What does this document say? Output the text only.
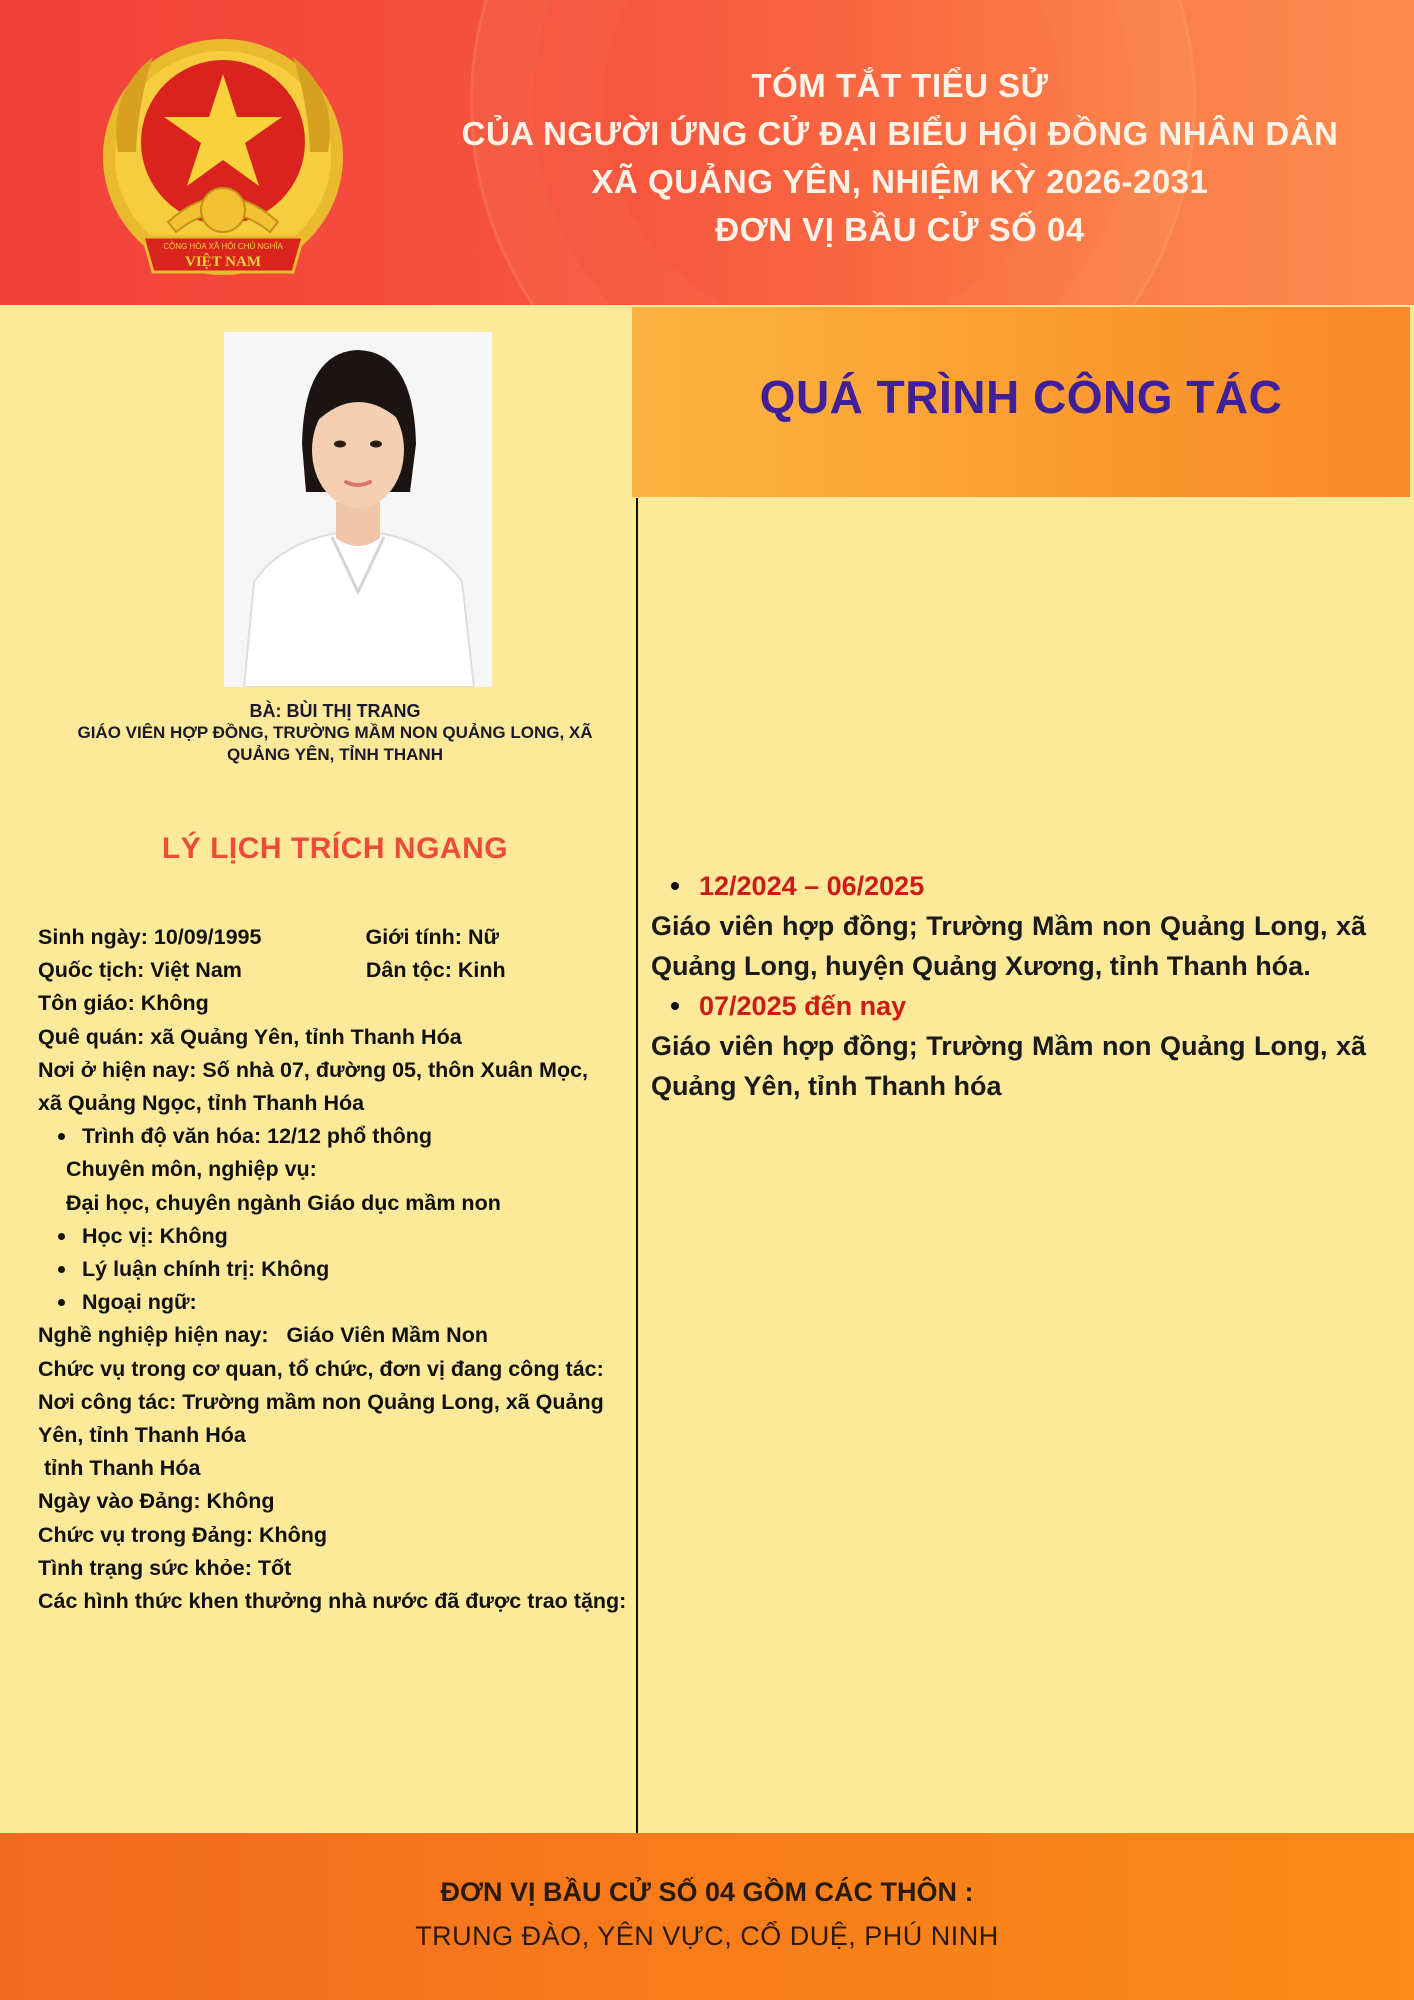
CỘNG HÒA XÃ HỘI CHỦ NGHĨA
VIỆT NAM
TÓM TẮT TIỂU SỬ
CỦA NGƯỜI ỨNG CỬ ĐẠI BIỂU HỘI ĐỒNG NHÂN DÂN
XÃ QUẢNG YÊN, NHIỆM KỲ 2026-2031
ĐƠN VỊ BẦU CỬ SỐ 04
BÀ: BÙI THỊ TRANG
GIÁO VIÊN HỢP ĐỒNG, TRƯỜNG MẦM NON QUẢNG LONG, XÃ
QUẢNG YÊN, TỈNH THANH
LÝ LỊCH TRÍCH NGANG
Sinh ngày: 10/09/1995	Giới tính: Nữ
Quốc tịch: Việt Nam	Dân tộc: Kinh
Tôn giáo: Không
Quê quán: xã Quảng Yên, tỉnh Thanh Hóa
Nơi ở hiện nay: Số nhà 07, đường 05, thôn Xuân Mọc,
xã Quảng Ngọc, tỉnh Thanh Hóa
Trình độ văn hóa: 12/12 phổ thông
Chuyên môn, nghiệp vụ:
Đại học, chuyên ngành Giáo dục mầm non
Học vị: Không
Lý luận chính trị: Không
Ngoại ngữ:
Nghề nghiệp hiện nay:   Giáo Viên Mầm Non
Chức vụ trong cơ quan, tổ chức, đơn vị đang công tác:
Nơi công tác: Trường mầm non Quảng Long, xã Quảng
Yên, tỉnh Thanh Hóa
tỉnh Thanh Hóa
Ngày vào Đảng: Không
Chức vụ trong Đảng: Không
Tình trạng sức khỏe: Tốt
Các hình thức khen thưởng nhà nước đã được trao tặng:
QUÁ TRÌNH CÔNG TÁC
12/2024 – 06/2025
Giáo viên hợp đồng; Trường Mầm non Quảng Long, xã Quảng Long, huyện Quảng Xương, tỉnh Thanh hóa.
07/2025 đến nay
Giáo viên hợp đồng; Trường Mầm non Quảng Long, xã Quảng Yên, tỉnh Thanh hóa
ĐƠN VỊ BẦU CỬ SỐ 04 GỒM CÁC THÔN :
TRUNG ĐÀO, YÊN VỰC, CỔ DUỆ, PHÚ NINH
